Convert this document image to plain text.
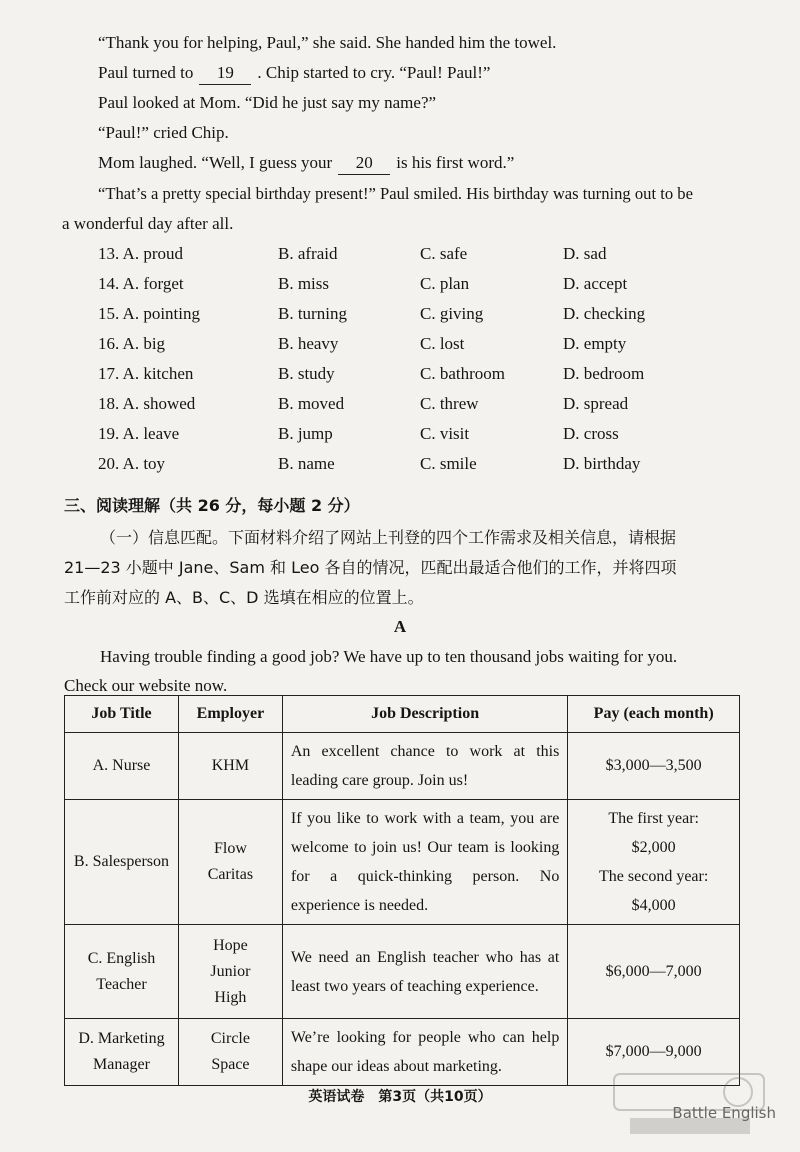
“Thank you for helping, Paul,” she said. She handed him the towel.
Paul turned to 19 . Chip started to cry. “Paul! Paul!”
Paul looked at Mom. “Did he just say my name?”
“Paul!” cried Chip.
Mom laughed. “Well, I guess your 20 is his first word.”
“That’s a pretty special birthday present!” Paul smiled. His birthday was turning out to be
a wonderful day after all.
13. A. proud	B. afraid	C. safe	D. sad
14. A. forget	B. miss	C. plan	D. accept
15. A. pointing	B. turning	C. giving	D. checking
16. A. big	B. heavy	C. lost	D. empty
17. A. kitchen	B. study	C. bathroom	D. bedroom
18. A. showed	B. moved	C. threw	D. spread
19. A. leave	B. jump	C. visit	D. cross
20. A. toy	B. name	C. smile	D. birthday
三、阅读理解（共 26 分，每小题 2 分）
（一）信息匹配。下面材料介绍了网站上刊登的四个工作需求及相关信息，请根据
21—23 小题中 Jane、Sam 和 Leo 各自的情况，匹配出最适合他们的工作，并将四项
工作前对应的 A、B、C、D 选填在相应的位置上。
A
Having trouble finding a good job? We have up to ten thousand jobs waiting for you.
Check our website now.
Job Title	Employer	Job Description	Pay (each month)
A. Nurse	KHM	An excellent chance to work at this leading care group. Join us!	$3,000—3,500
B. Salesperson	Flow Caritas	If you like to work with a team, you are welcome to join us! Our team is looking for a quick-thinking person. No experience is needed.	The first year:
$2,000
The second year:
$4,000

C. English Teacher	Hope Junior High	We need an English teacher who has at least two years of teaching experience.	$6,000—7,000

D. Marketing Manager	Circle Space	We’re looking for people who can help shape our ideas about marketing.	$7,000—9,000
英语试卷　第3页（共10页）
Battle English
